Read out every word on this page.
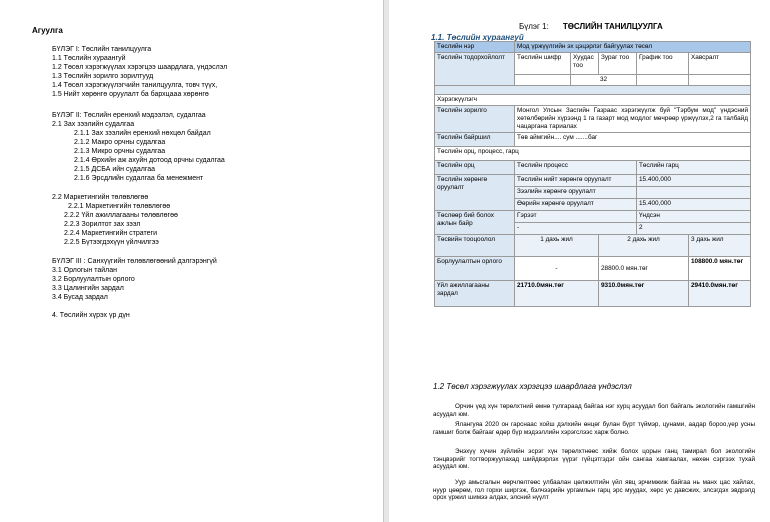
Агуулга
БҮЛЭГ I: Төслийн танилцуулга
1.1 Төслийн хураангуй
1.2 Төсөл хэрэгжүүлах хэрэгцээ шаардлага, үндэслэл
1.3 Төслийн зорилго зорилтууд
1.4 Төсөл хэрэгжүүлэгчийн танилцуулга, товч түүх,
1.5 Нийт хөрөнгө оруулалт ба бархцааа хөрөнгө
БҮЛЭГ II: Төслийн еренхий мэдээлэл, судалгаа
2.1 Зах зээлийн судалгаа
2.1.1 Зах зээлийн еренхий нөхцөл байдал
2.1.2 Макро орчны судалгаа
2.1.3 Микро орчны судалгаа
2.1.4 Өрхийн аж ахуйн дотоод орчны судалгаа
2.1.5 ДСБА ийн судалгаа
2.1.6 Эрсдлийн судалгаа ба менежмент
2.2 Маркетингийн төлөвлөгөө
2.2.1 Маркетингийн төлөвлөгөө
2.2.2 Үйл ажиллагааны төлөвлөгөө
2.2.3 Зорилтот зах зээл
2.2.4 Маркетингийн стратеги
2.2.5 Бүтээгдэхүүн үйлчилгээ
БҮЛЭГ III : Санхүүгийн төлөвлөгөөний дэлгэрэнгүй
3.1 Орлогын тайлан
3.2 Борлуулалтын орлого
3.3 Цалингийн зардал
3.4 Бусад зардал
4. Төслийн хүрэх үр дүн
Бүлэг 1: ТӨСЛИЙН ТАНИЛЦУУЛГА
1.1. Төслийн хураангуй
Төслийн нэр	Мод үржүүлгийн эх цэцэрлэг байгуулах төсөл				
Төслийн тодорхойлолт	Төслийн шифр	Хуудас тоо	Зураг тоо	График тоо	Хавсралт
		32			

Хэрэгжүүлэгч					
Төслийн зорилго	Монгол Улсын Засгийн Газраас хэрэгжүүлж буй "Тэрбум мод" үндэсний хөтөлбөрийн хүрээнд 1 га газарт мод модлог мөчрөөр үржүүлэх,2 га талбайд чацаргана тариалах				
Төслийн байршил	Төв аймгийн.... сум .......баг				
Төслийн орц, процесс, гарц					
Төслийн орц	Төслийн процесс			Төслийн гарц	
Төслийн хөрөнгө оруулалт	Төслийн нийт хөрөнгө оруулалт			15.400,000	
	Зээлийн хөрөнгө оруулалт				
	Өөрийн хөрөнгө оруулалт			15.400,000	
Төслөөр бий болох ажлын байр	Гэрээт			Үндсэн	
	-			2	
Төсвийн тооцоолол	1 дахь жил		2 дахь жил		3 дахь жил
Борлуулалтын орлого	-		28800.0 мян.төг		108800.0 мян.төг
Үйл ажиллагааны зардал	21710.0мян.төг		9310.0мян.төг		29410.0мян.төг
1.2 Төсөл хэрэгжүүлах хэрэгцээ шаардлага үндэслэл
Орчин үед хүн төрөлхтний өмнө тулгараад байгаа нэг хурц асуудал бол байгаль экологийн гамшгийн асуудал юм.
Ялангуяа 2020 он гарснаас хойш дэлхийн өнцөг булан бүрт түймэр, цунами, аадар бороо,үер усны гамшиг болж байгааг өдөр бүр мэдээллийн хэрэгслээс харж болно.
Энэхүү хүчин зүйлийн эсрэг хүн төрөлхтнөөс хийж болох цорын ганц тамирал бол экологийн тэнцвэрийг тогтворжуулахад шийдвэрлэх үүрэг гүйцэтгэдэг ойн сангаа хамгаалах, нөхөн сэргээх тухай асуудал юм.
Уур амьсгалын өөрчлөлтөөс улбаалан цөлжилтийн үйл явц эрчимжиж байгаа нь манх цас хайлах, нуур цөөрөм, гол горхи ширгэж, бэлчээрийн ургамлын гарц эрс муудах, хөрс ус давсжих, элсэгдэх эвдрэлд орох үржил шимээ алдах, элсний нүүлт
